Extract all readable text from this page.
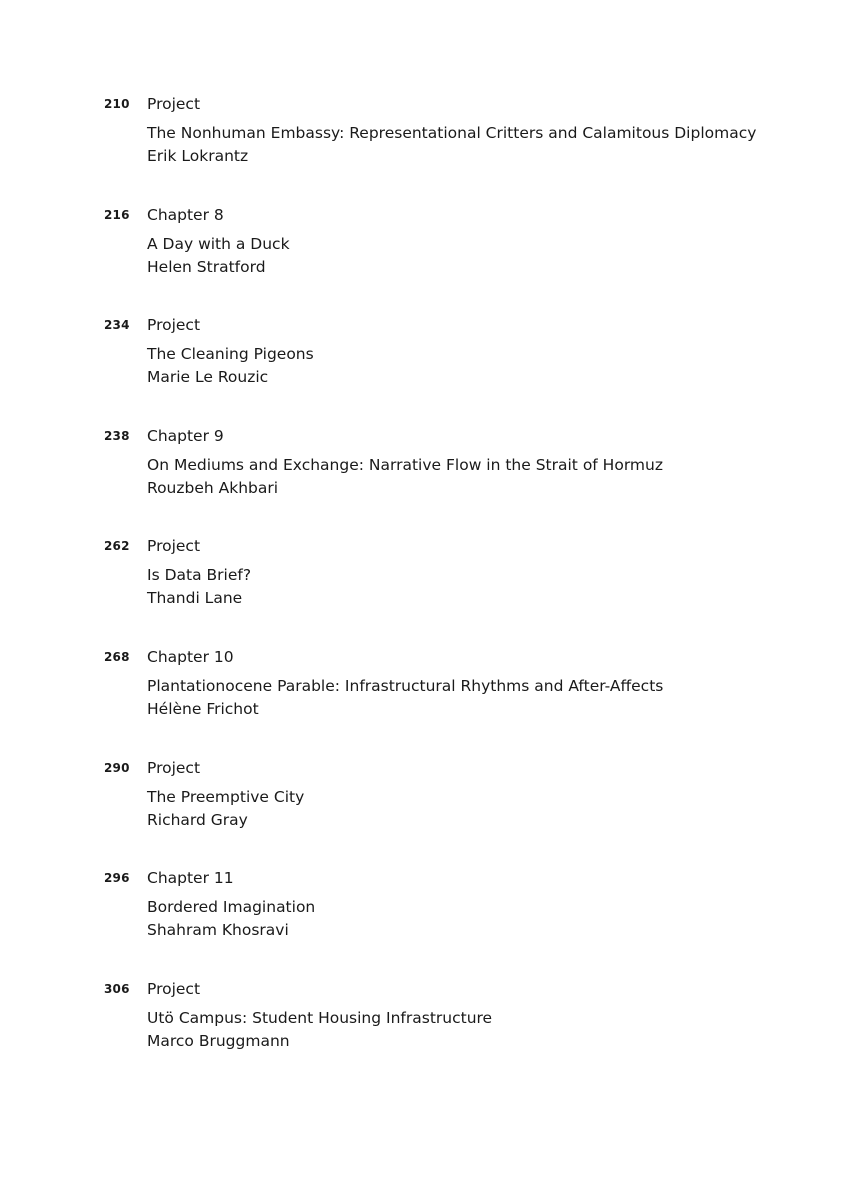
210 Project
The Nonhuman Embassy: Representational Critters and Calamitous Diplomacy
Erik Lokrantz
216 Chapter 8
A Day with a Duck
Helen Stratford
234 Project
The Cleaning Pigeons
Marie Le Rouzic
238 Chapter 9
On Mediums and Exchange: Narrative Flow in the Strait of Hormuz
Rouzbeh Akhbari
262 Project
Is Data Brief?
Thandi Lane
268 Chapter 10
Plantationocene Parable: Infrastructural Rhythms and After-Affects
Hélène Frichot
290 Project
The Preemptive City
Richard Gray
296 Chapter 11
Bordered Imagination
Shahram Khosravi
306 Project
Utö Campus: Student Housing Infrastructure
Marco Bruggmann
